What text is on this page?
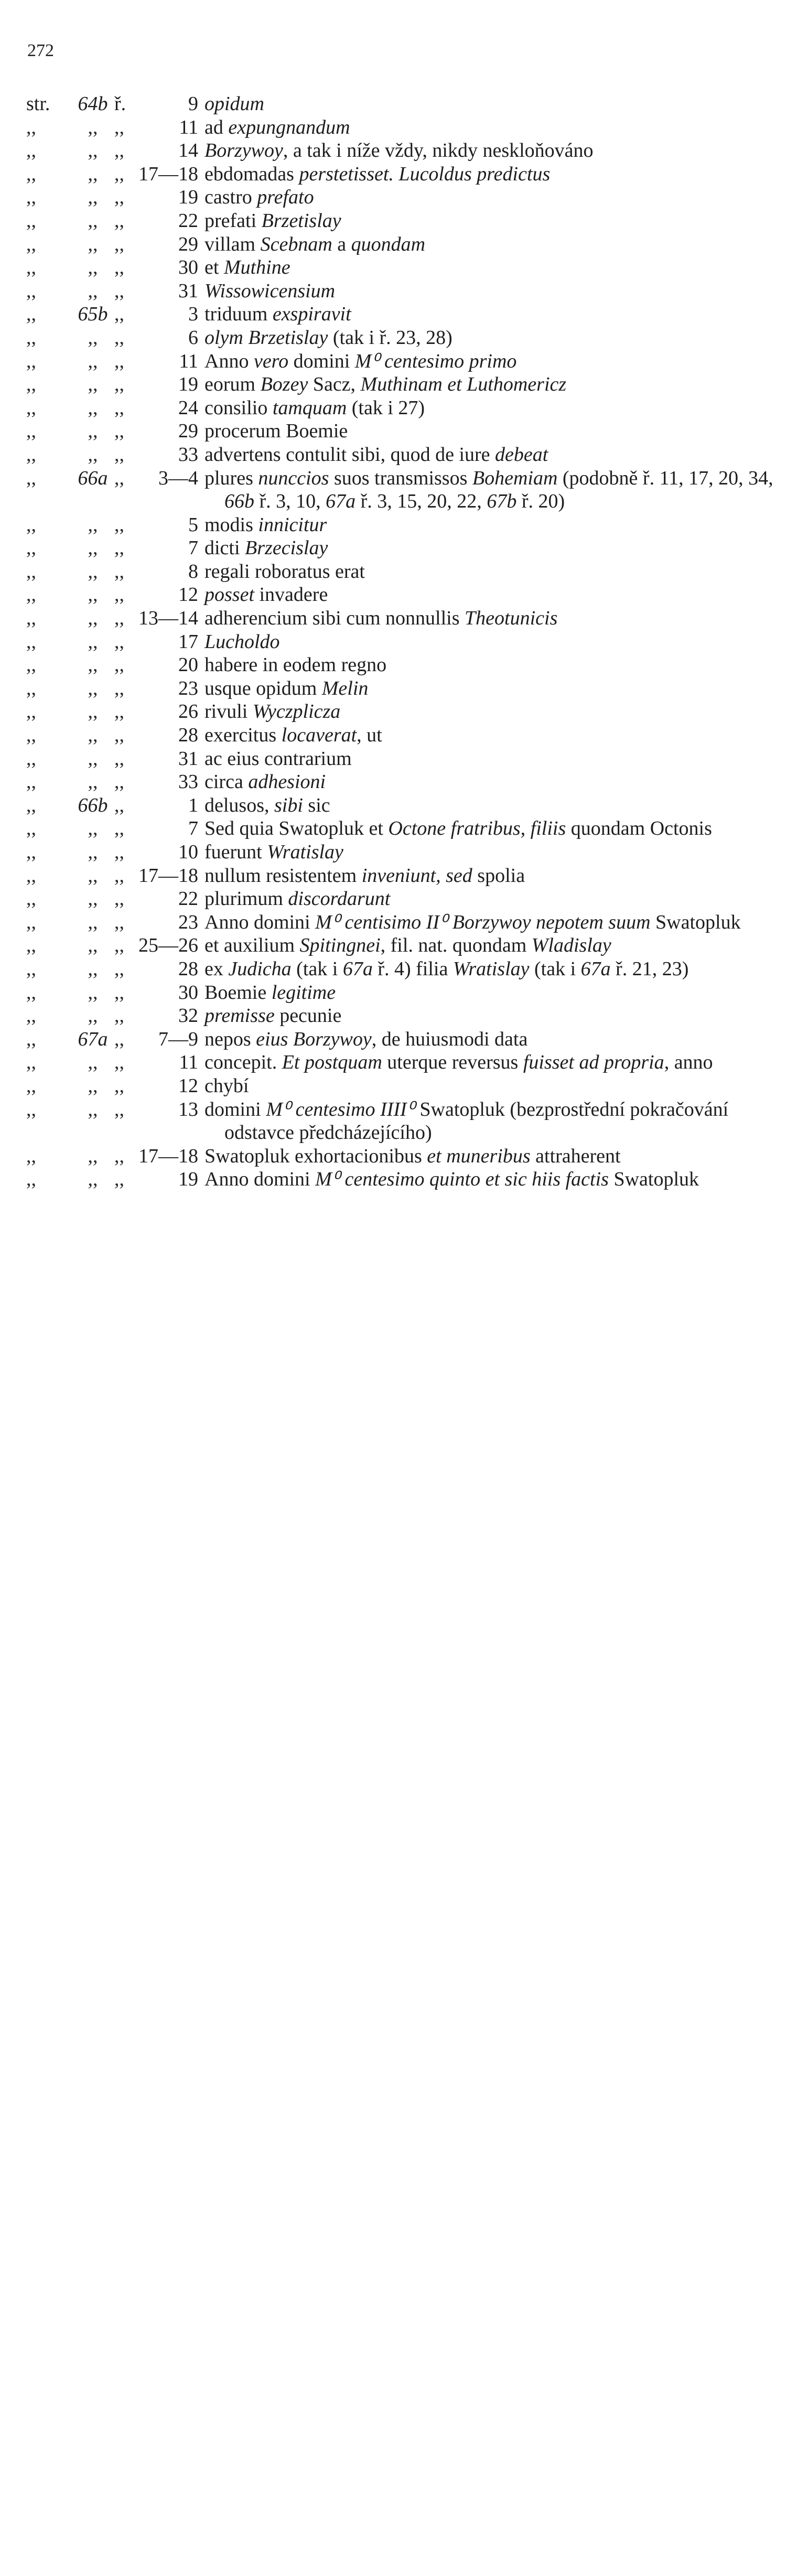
272
str.	64b ř.	9 opidum
,,	,, ,,	11 ad expungnandum
,,	,, ,,	14 Borzywoy, a tak i níže vždy, nikdy neskloňováno
,,	,, ,, 17—18 ebdomadas perstetisset. Lucoldus predictus
,,	,, ,,	19 castro prefato
,,	,, ,,	22 prefati Brzetislay
,,	,, ,,	29 villam Scebnam a quondam
,,	,, ,,	30 et Muthine
,,	,, ,,	31 Wissowicensium
,,	65b ,,	3 triduum exspiravit
,,	,, ,,	6 olym Brzetislay (tak i ř. 23, 28)
,,	,, ,,	11 Anno vero domini M⁰ centesimo primo
,,	,, ,,	19 eorum Bozey Sacz, Muthinam et Luthomericz
,,	,, ,,	24 consilio tamquam (tak i 27)
,,	,, ,,	29 procerum Boemie
,,	,, ,,	33 advertens contulit sibi, quod de iure debeat
,,	66a ,,	3—4 plures nunccios suos transmissos Bohemiam (podobně ř. 11, 17, 20, 34, 66b ř. 3, 10, 67a ř. 3, 15, 20, 22, 67b ř. 20)
,,	,, ,,	5 modis innicitur
,,	,, ,,	7 dicti Brzecislay
,,	,, ,,	8 regali roboratus erat
,,	,, ,,	12 posset invadere
,,	,, ,, 13—14 adherencium sibi cum nonnullis Theotunicis
,,	,, ,,	17 Lucholdo
,,	,, ,,	20 habere in eodem regno
,,	,, ,,	23 usque opidum Melin
,,	,, ,,	26 rivuli Wyczplicza
,,	,, ,,	28 exercitus locaverat, ut
,,	,, ,,	31 ac eius contrarium
,,	,, ,,	33 circa adhesioni
,,	66b ,,	1 delusos, sibi sic
,,	,, ,,	7 Sed quia Swatopluk et Octone fratribus, filiis quondam Octonis
,,	,, ,,	10 fuerunt Wratislay
,,	,, ,, 17—18 nullum resistentem inveniunt, sed spolia
,,	,, ,,	22 plurimum discordarunt
,,	,, ,,	23 Anno domini M⁰ centisimo II⁰ Borzywoy nepotem suum Swatopluk
,,	,, ,, 25—26 et auxilium Spitingnei, fil. nat. quondam Wladislay
,,	,, ,,	28 ex Judicha (tak i 67a ř. 4) filia Wratislay (tak i 67a ř. 21, 23)
,,	,, ,,	30 Boemie legitime
,,	,, ,,	32 premisse pecunie
,,	67a ,,	7—9 nepos eius Borzywoy, de huiusmodi data
,,	,, ,,	11 concepit. Et postquam uterque reversus fuisset ad propria, anno
,,	,, ,,	12 chybí
,,	,, ,,	13 domini M⁰ centesimo IIII⁰ Swatopluk (bezprostřední pokračování odstavce předcházejícího)
,,	,, ,, 17—18 Swatopluk exhortacionibus et muneribus attraherent
,,	,, ,,	19 Anno domini M⁰ centesimo quinto et sic hiis factis Swatopluk
